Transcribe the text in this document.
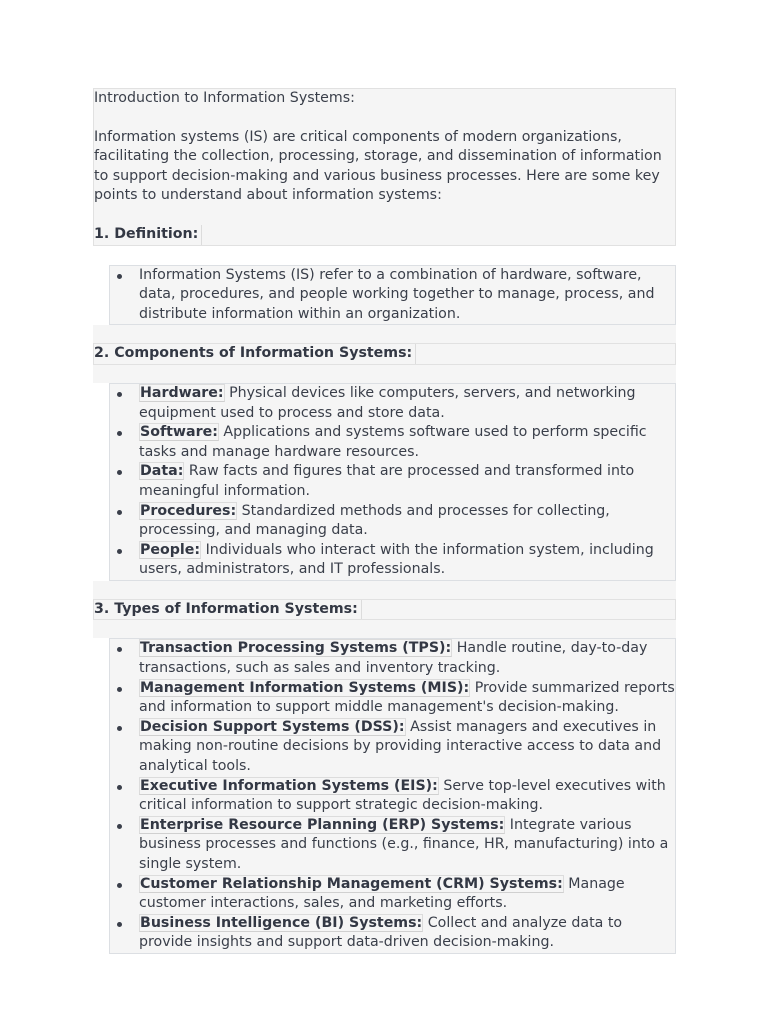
Introduction to Information Systems:

Information systems (IS) are critical components of modern organizations, facilitating the collection, processing, storage, and dissemination of information to support decision-making and various business processes. Here are some key points to understand about information systems:

1. Definition:
Information Systems (IS) refer to a combination of hardware, software, data, procedures, and people working together to manage, process, and distribute information within an organization.
2. Components of Information Systems:
Hardware: Physical devices like computers, servers, and networking equipment used to process and store data.
Software: Applications and systems software used to perform specific tasks and manage hardware resources.
Data: Raw facts and figures that are processed and transformed into meaningful information.
Procedures: Standardized methods and processes for collecting, processing, and managing data.
People: Individuals who interact with the information system, including users, administrators, and IT professionals.
3. Types of Information Systems:
Transaction Processing Systems (TPS): Handle routine, day-to-day transactions, such as sales and inventory tracking.
Management Information Systems (MIS): Provide summarized reports and information to support middle management's decision-making.
Decision Support Systems (DSS): Assist managers and executives in making non-routine decisions by providing interactive access to data and analytical tools.
Executive Information Systems (EIS): Serve top-level executives with critical information to support strategic decision-making.
Enterprise Resource Planning (ERP) Systems: Integrate various business processes and functions (e.g., finance, HR, manufacturing) into a single system.
Customer Relationship Management (CRM) Systems: Manage customer interactions, sales, and marketing efforts.
Business Intelligence (BI) Systems: Collect and analyze data to provide insights and support data-driven decision-making.
